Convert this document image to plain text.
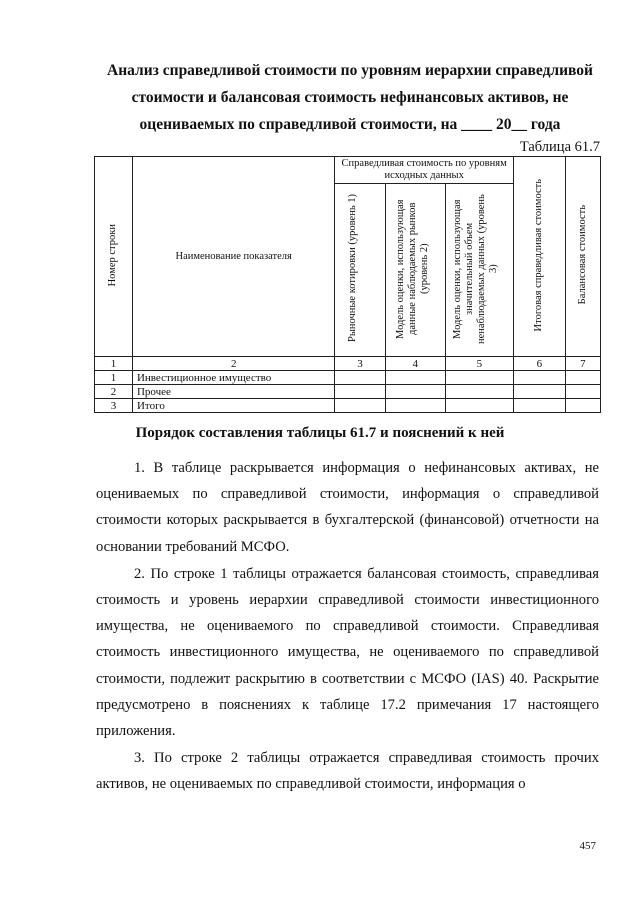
Анализ справедливой стоимости по уровням иерархии справедливой
стоимости и балансовая стоимость нефинансовых активов, не
оцениваемых по справедливой стоимости, на ____ 20__ года
Таблица 61.7
Номер строки	Наименование показателя	Справедливая стоимость по уровням исходных данных			Итоговая справедливая стоимость	Балансовая стоимость
		Рыночные котировки (уровень 1)	Модель оценки, использующая данные наблюдаемых рынков (уровень 2)	Модель оценки, использующая значительный объем ненаблюдаемых данных (уровень 3)		
1	2	3	4	5	6	7
1	Инвестиционное имущество					
2	Прочее					
3	Итого					
Порядок составления таблицы 61.7 и пояснений к ней

1. В таблице раскрывается информация о нефинансовых активах, не оцениваемых по справедливой стоимости, информация о справедливой стоимости которых раскрывается в бухгалтерской (финансовой) отчетности на основании требований МСФО.

2. По строке 1 таблицы отражается балансовая стоимость, справедливая стоимость и уровень иерархии справедливой стоимости инвестиционного имущества, не оцениваемого по справедливой стоимости. Справедливая стоимость инвестиционного имущества, не оцениваемого по справедливой стоимости, подлежит раскрытию в соответствии с МСФО (IAS) 40. Раскрытие предусмотрено в пояснениях к таблице 17.2 примечания 17 настоящего приложения.

3. По строке 2 таблицы отражается справедливая стоимость прочих активов, не оцениваемых по справедливой стоимости, информация о

457
